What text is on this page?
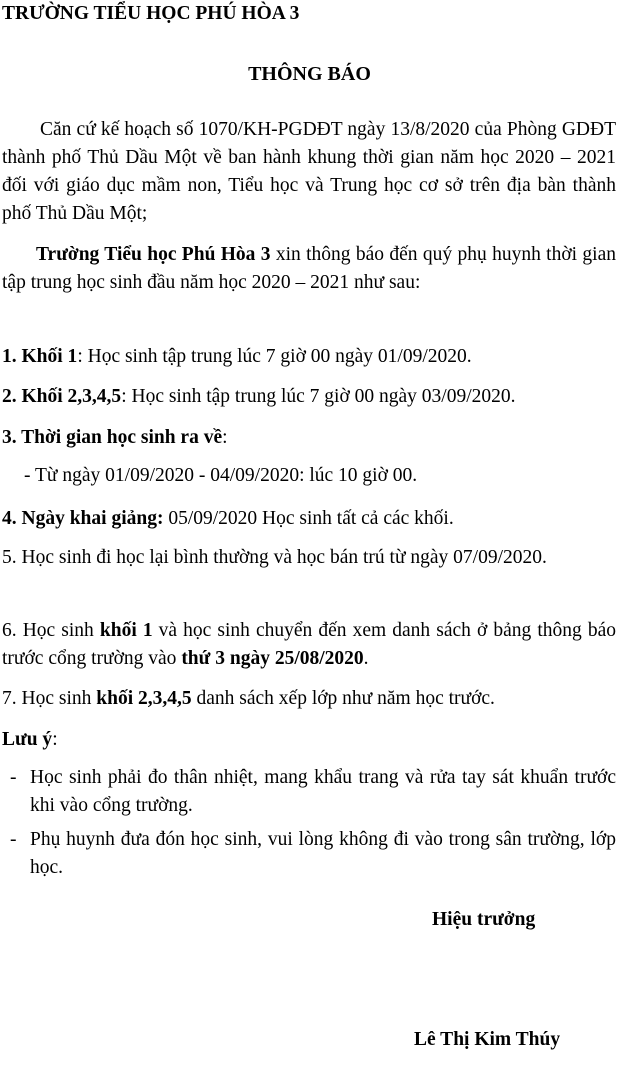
TRƯỜNG TIỂU HỌC PHÚ HÒA 3
THÔNG BÁO
Căn cứ kế hoạch số 1070/KH-PGDĐT ngày 13/8/2020 của Phòng GDĐT thành phố Thủ Dầu Một về ban hành khung thời gian năm học 2020 – 2021 đối với giáo dục mầm non, Tiểu học và Trung học cơ sở trên địa bàn thành phố Thủ Dầu Một;
Trường Tiểu học Phú Hòa 3 xin thông báo đến quý phụ huynh thời gian tập trung học sinh đầu năm học 2020 – 2021 như sau:
1. Khối 1: Học sinh tập trung lúc 7 giờ 00 ngày 01/09/2020.
2. Khối 2,3,4,5: Học sinh tập trung lúc 7 giờ 00 ngày 03/09/2020.
3. Thời gian học sinh ra về:
- Từ ngày 01/09/2020 - 04/09/2020: lúc 10 giờ 00.
4. Ngày khai giảng: 05/09/2020 Học sinh tất cả các khối.
5. Học sinh đi học lại bình thường và học bán trú từ ngày 07/09/2020.
6. Học sinh khối 1 và học sinh chuyển đến xem danh sách ở bảng thông báo trước cổng trường vào thứ 3 ngày 25/08/2020.
7. Học sinh khối 2,3,4,5 danh sách xếp lớp như năm học trước.
Lưu ý:
- Học sinh phải đo thân nhiệt, mang khẩu trang và rửa tay sát khuẩn trước khi vào cổng trường.
- Phụ huynh đưa đón học sinh, vui lòng không đi vào trong sân trường, lớp học.
Hiệu trưởng
Lê Thị Kim Thúy
